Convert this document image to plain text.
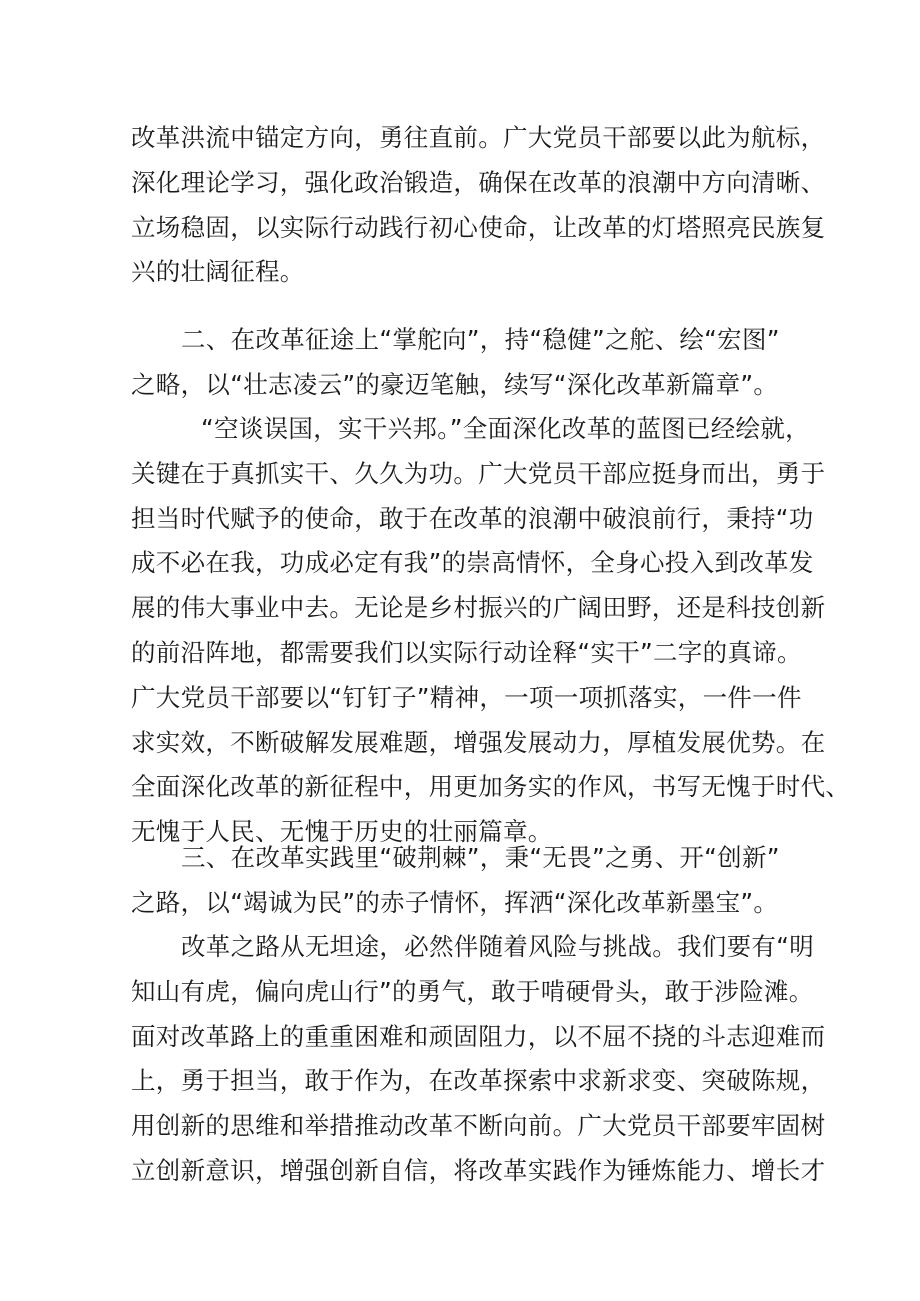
改革洪流中锚定方向，勇往直前。广大党员干部要以此为航标，
深化理论学习，强化政治锻造，确保在改革的浪潮中方向清晰、
立场稳固，以实际行动践行初心使命，让改革的灯塔照亮民族复
兴的壮阔征程。
二、在改革征途上“掌舵向”，持“稳健”之舵、绘“宏图”
之略，以“壮志凌云”的豪迈笔触，续写“深化改革新篇章”。
“空谈误国，实干兴邦。”全面深化改革的蓝图已经绘就，
关键在于真抓实干、久久为功。广大党员干部应挺身而出，勇于
担当时代赋予的使命，敢于在改革的浪潮中破浪前行，秉持“功
成不必在我，功成必定有我”的崇高情怀，全身心投入到改革发
展的伟大事业中去。无论是乡村振兴的广阔田野，还是科技创新
的前沿阵地，都需要我们以实际行动诠释“实干”二字的真谛。
广大党员干部要以“钉钉子”精神，一项一项抓落实，一件一件
求实效，不断破解发展难题，增强发展动力，厚植发展优势。在
全面深化改革的新征程中，用更加务实的作风，书写无愧于时代、
无愧于人民、无愧于历史的壮丽篇章。
三、在改革实践里“破荆棘”，秉“无畏”之勇、开“创新”
之路，以“竭诚为民”的赤子情怀，挥洒“深化改革新墨宝”。
改革之路从无坦途，必然伴随着风险与挑战。我们要有“明
知山有虎，偏向虎山行”的勇气，敢于啃硬骨头，敢于涉险滩。
面对改革路上的重重困难和顽固阻力，以不屈不挠的斗志迎难而
上，勇于担当，敢于作为，在改革探索中求新求变、突破陈规，
用创新的思维和举措推动改革不断向前。广大党员干部要牢固树
立创新意识，增强创新自信，将改革实践作为锤炼能力、增长才
